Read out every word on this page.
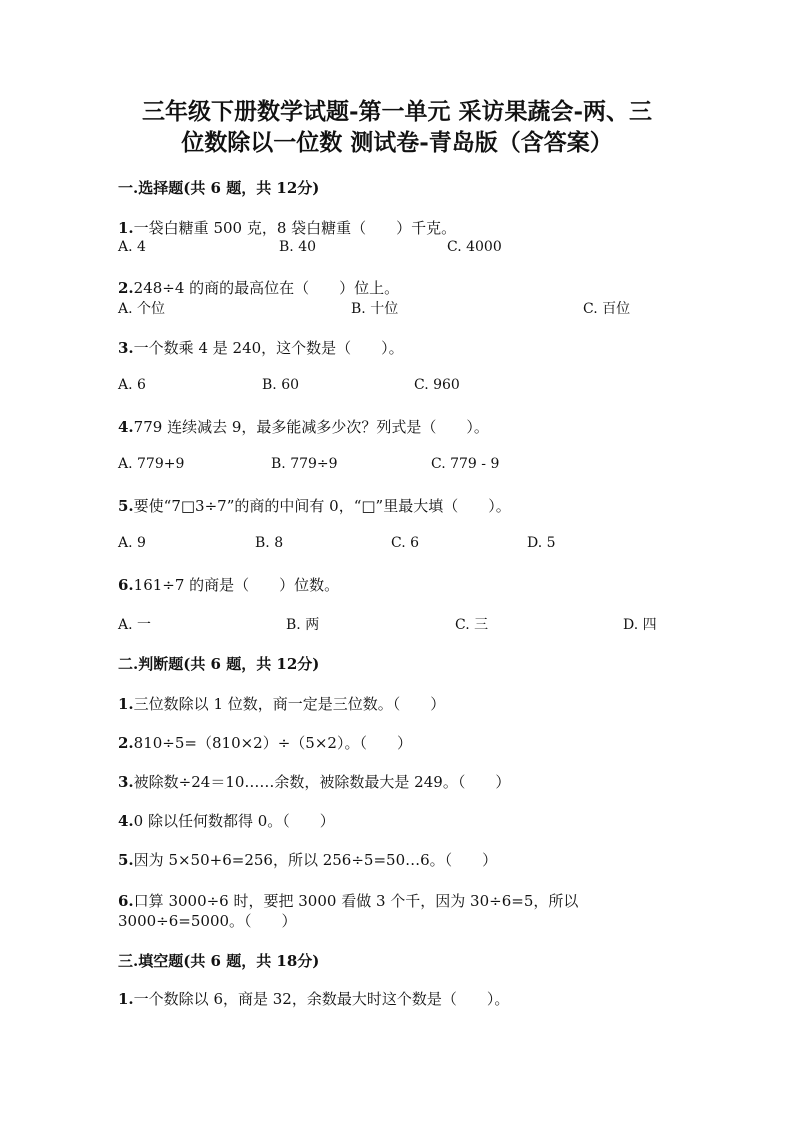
三年级下册数学试题-第一单元 采访果蔬会-两、三
位数除以一位数 测试卷-青岛版（含答案）
一.选择题(共 6 题，共 12分)
1.一袋白糖重 500 克，8 袋白糖重（　　）千克。
A. 4	B. 40	C. 4000
2.248÷4 的商的最高位在（　　）位上。
A. 个位	B. 十位	C. 百位
3.一个数乘 4 是 240，这个数是（　　）。
A. 6	B. 60	C. 960
4.779 连续减去 9，最多能减多少次？列式是（　　）。
A. 779+9	B. 779÷9	C. 779 - 9
5.要使“7□3÷7”的商的中间有 0，“□”里最大填（　　）。
A. 9	B. 8	C. 6	D. 5
6.161÷7 的商是（　　）位数。
A. 一	B. 两	C. 三	D. 四
二.判断题(共 6 题，共 12分)
1.三位数除以 1 位数，商一定是三位数。（　　）
2.810÷5=（810×2）÷（5×2）。（　　）
3.被除数÷24＝10……余数，被除数最大是 249。（　　）
4.0 除以任何数都得 0。（　　）
5.因为 5×50+6=256，所以 256÷5=50…6。（　　）
6.口算 3000÷6 时，要把 3000 看做 3 个千，因为 30÷6=5，所以
3000÷6=5000。（　　）
三.填空题(共 6 题，共 18分)
1.一个数除以 6，商是 32，余数最大时这个数是（　　）。
